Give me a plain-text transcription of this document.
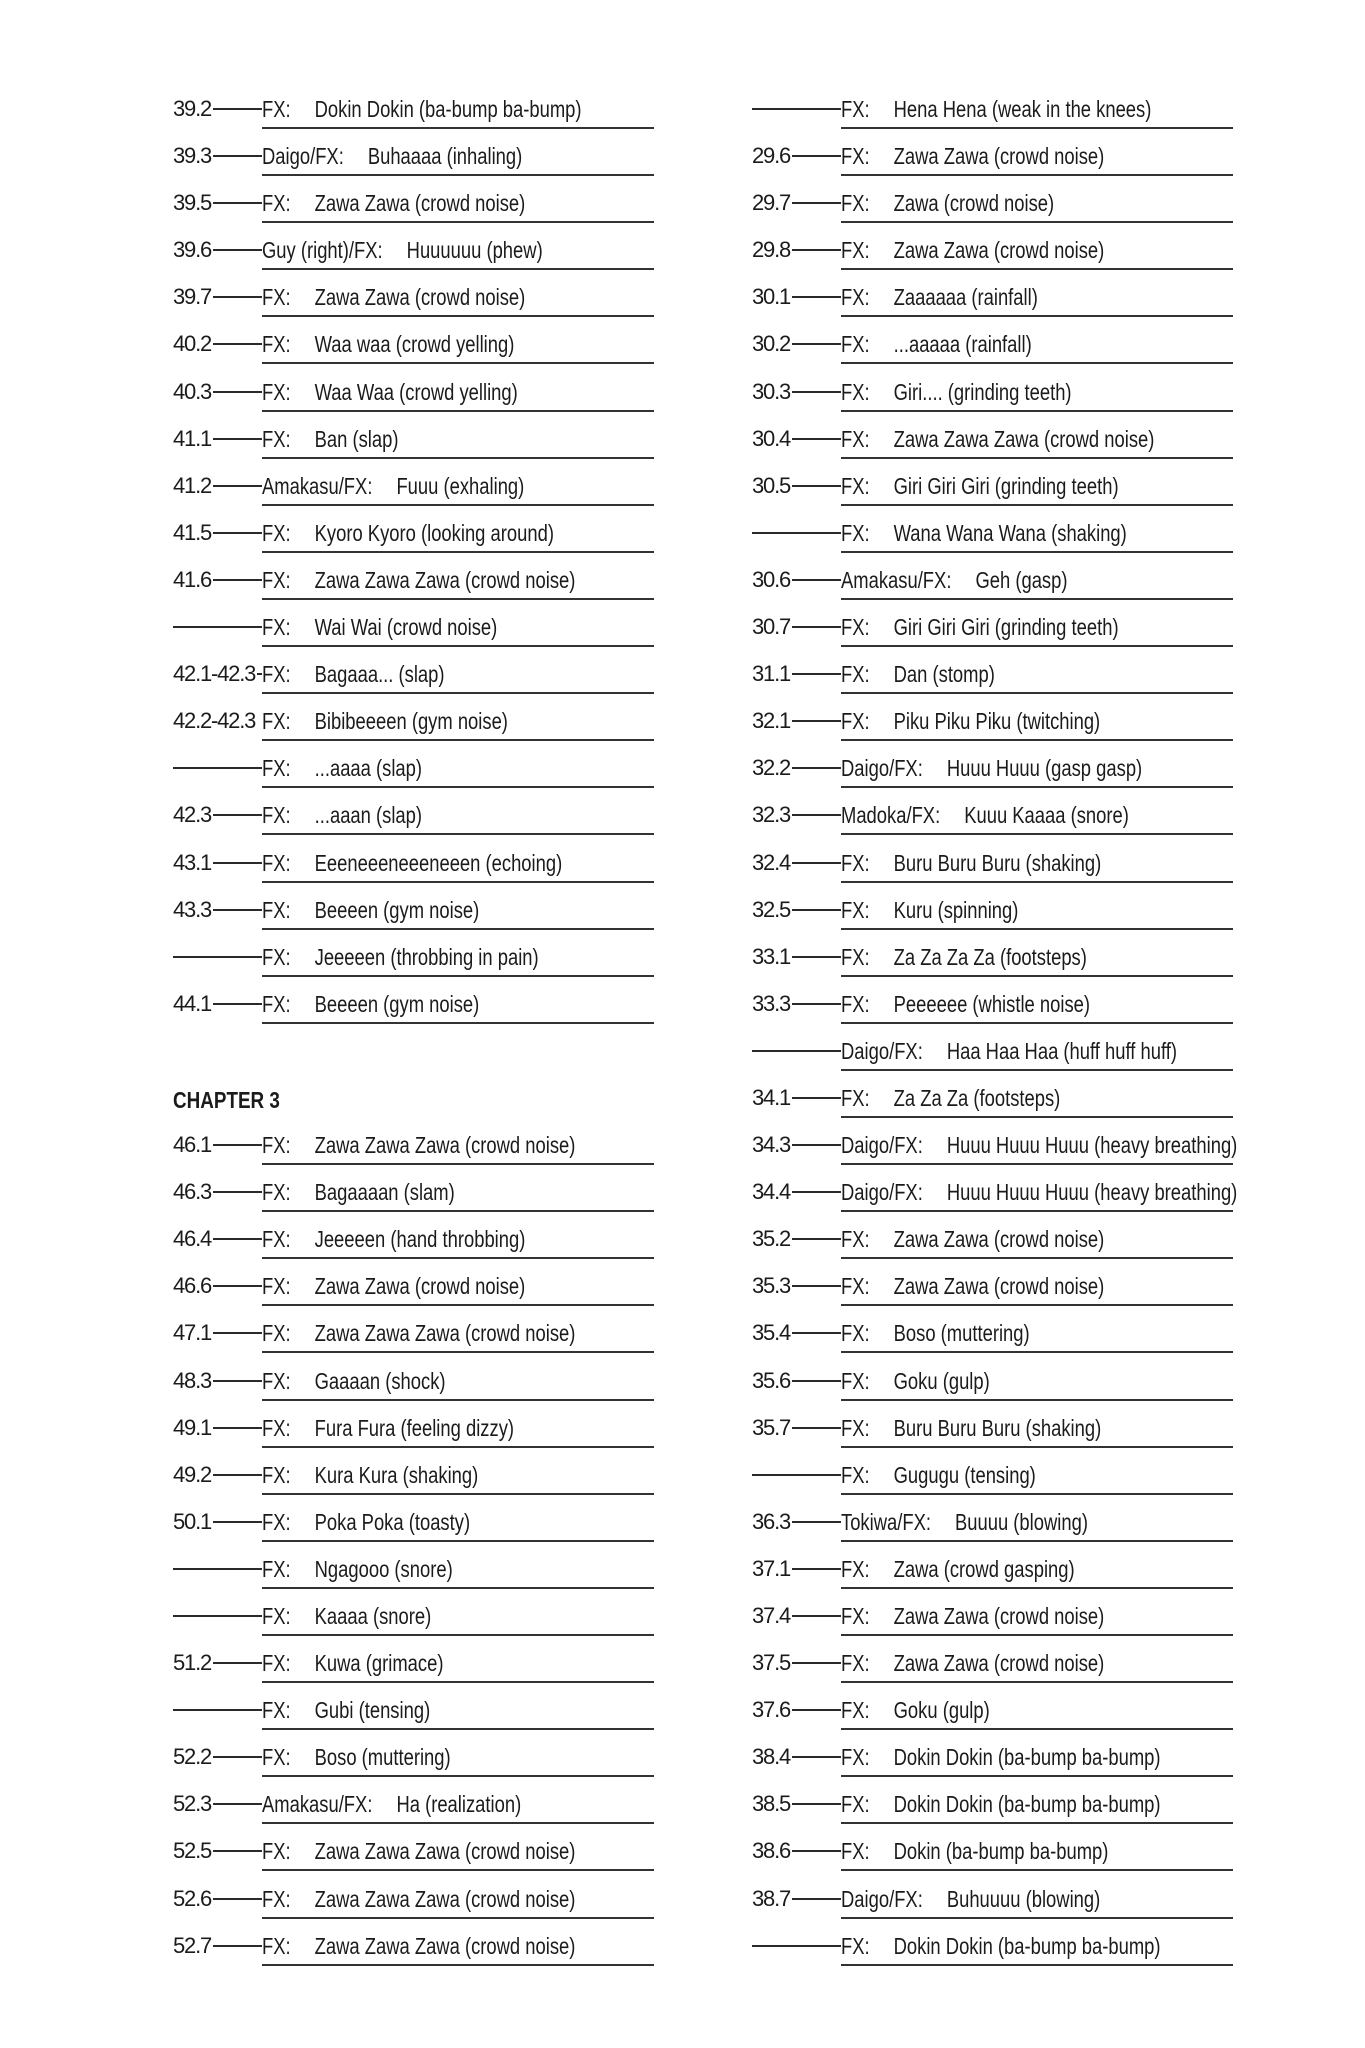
39.2 FX: Dokin Dokin (ba-bump ba-bump)
39.3 Daigo/FX: Buhaaaa (inhaling)
39.5 FX: Zawa Zawa (crowd noise)
39.6 Guy (right)/FX: Huuuuuu (phew)
39.7 FX: Zawa Zawa (crowd noise)
40.2 FX: Waa waa (crowd yelling)
40.3 FX: Waa Waa (crowd yelling)
41.1 FX: Ban (slap)
41.2 Amakasu/FX: Fuuu (exhaling)
41.5 FX: Kyoro Kyoro (looking around)
41.6 FX: Zawa Zawa Zawa (crowd noise)
FX: Wai Wai (crowd noise)
42.1-42.3 FX: Bagaaa... (slap)
42.2-42.3 FX: Bibibeeeen (gym noise)
FX: ...aaaa (slap)
42.3 FX: ...aaan (slap)
43.1 FX: Eeeneeeneeeneeen (echoing)
43.3 FX: Beeeen (gym noise)
FX: Jeeeeen (throbbing in pain)
44.1 FX: Beeeen (gym noise)
CHAPTER 3
46.1 FX: Zawa Zawa Zawa (crowd noise)
46.3 FX: Bagaaaan (slam)
46.4 FX: Jeeeeen (hand throbbing)
46.6 FX: Zawa Zawa (crowd noise)
47.1 FX: Zawa Zawa Zawa (crowd noise)
48.3 FX: Gaaaan (shock)
49.1 FX: Fura Fura (feeling dizzy)
49.2 FX: Kura Kura (shaking)
50.1 FX: Poka Poka (toasty)
FX: Ngagooo (snore)
FX: Kaaaa (snore)
51.2 FX: Kuwa (grimace)
FX: Gubi (tensing)
52.2 FX: Boso (muttering)
52.3 Amakasu/FX: Ha (realization)
52.5 FX: Zawa Zawa Zawa (crowd noise)
52.6 FX: Zawa Zawa Zawa (crowd noise)
52.7 FX: Zawa Zawa Zawa (crowd noise)
FX: Hena Hena (weak in the knees)
29.6 FX: Zawa Zawa (crowd noise)
29.7 FX: Zawa (crowd noise)
29.8 FX: Zawa Zawa (crowd noise)
30.1 FX: Zaaaaaa (rainfall)
30.2 FX: ...aaaaa (rainfall)
30.3 FX: Giri.... (grinding teeth)
30.4 FX: Zawa Zawa Zawa (crowd noise)
30.5 FX: Giri Giri Giri (grinding teeth)
FX: Wana Wana Wana (shaking)
30.6 Amakasu/FX: Geh (gasp)
30.7 FX: Giri Giri Giri (grinding teeth)
31.1 FX: Dan (stomp)
32.1 FX: Piku Piku Piku (twitching)
32.2 Daigo/FX: Huuu Huuu (gasp gasp)
32.3 Madoka/FX: Kuuu Kaaaa (snore)
32.4 FX: Buru Buru Buru (shaking)
32.5 FX: Kuru (spinning)
33.1 FX: Za Za Za Za (footsteps)
33.3 FX: Peeeeee (whistle noise)
Daigo/FX: Haa Haa Haa (huff huff huff)
34.1 FX: Za Za Za (footsteps)
34.3 Daigo/FX: Huuu Huuu Huuu (heavy breathing)
34.4 Daigo/FX: Huuu Huuu Huuu (heavy breathing)
35.2 FX: Zawa Zawa (crowd noise)
35.3 FX: Zawa Zawa (crowd noise)
35.4 FX: Boso (muttering)
35.6 FX: Goku (gulp)
35.7 FX: Buru Buru Buru (shaking)
FX: Gugugu (tensing)
36.3 Tokiwa/FX: Buuuu (blowing)
37.1 FX: Zawa (crowd gasping)
37.4 FX: Zawa Zawa (crowd noise)
37.5 FX: Zawa Zawa (crowd noise)
37.6 FX: Goku (gulp)
38.4 FX: Dokin Dokin (ba-bump ba-bump)
38.5 FX: Dokin Dokin (ba-bump ba-bump)
38.6 FX: Dokin (ba-bump ba-bump)
38.7 Daigo/FX: Buhuuuu (blowing)
FX: Dokin Dokin (ba-bump ba-bump)
